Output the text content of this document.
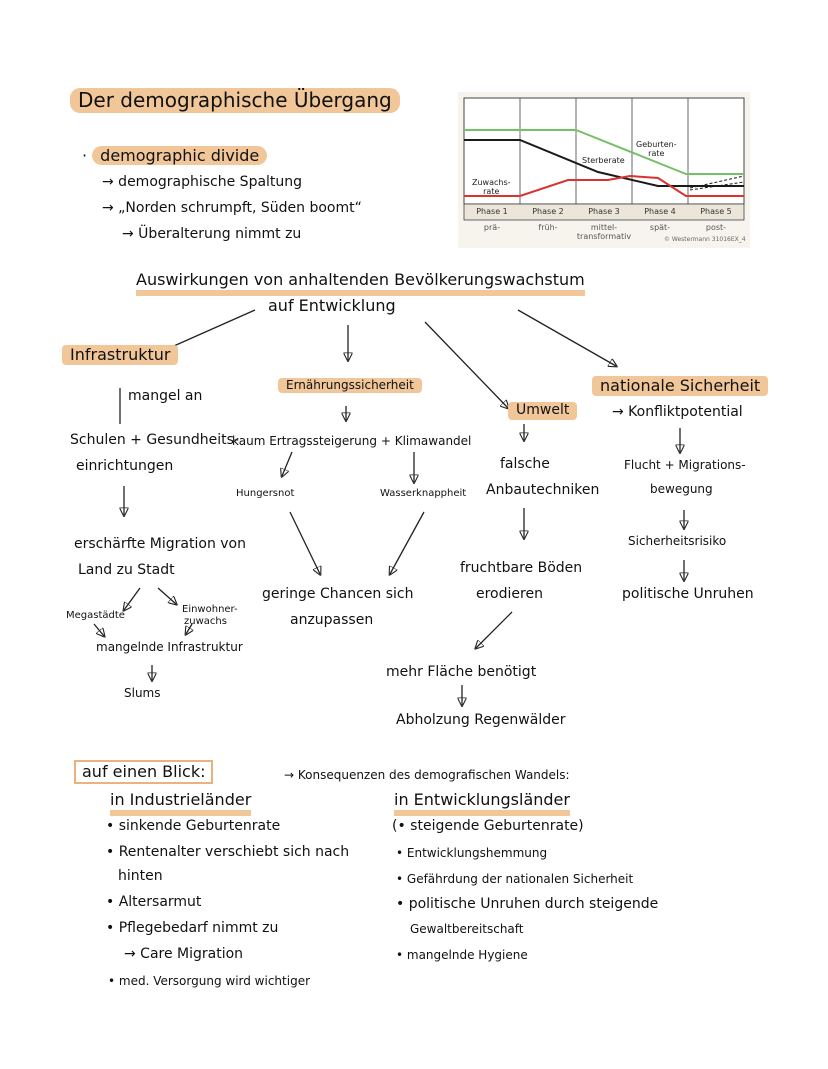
Der demographische Übergang
· demographic divide
→ demographische Spaltung
→ „Norden schrumpft, Süden boomt“
→ Überalterung nimmt zu
Geburten-
rate
Sterberate
Zuwachs-
rate
Phase 1	Phase 2	Phase 3	Phase 4	Phase 5
prä-	früh-	mittel-
transformativ
spät-	post-
© Westermann 31016EX_4
Auswirkungen von anhaltenden Bevölkerungswachstum
auf Entwicklung
Infrastruktur
mangel an
Schulen + Gesundheits-
einrichtungen
erschärfte Migration von
Land zu Stadt
Megastädte
Einwohner-
zuwachs
mangelnde Infrastruktur
Slums
Ernährungssicherheit
kaum Ertragssteigerung + Klimawandel
Hungersnot	Wasserknappheit
geringe Chancen sich
anzupassen
Umwelt
falsche
Anbautechniken
fruchtbare Böden
erodieren
mehr Fläche benötigt
Abholzung Regenwälder
nationale Sicherheit
→ Konfliktpotential
Flucht + Migrations-
bewegung
Sicherheitsrisiko
politische Unruhen
auf einen Blick:	→ Konsequenzen des demografischen Wandels:
in Industrieländer
• sinkende Geburtenrate
• Rentenalter verschiebt sich nach
hinten
• Altersarmut
• Pflegebedarf nimmt zu
→ Care Migration
• med. Versorgung wird wichtiger
in Entwicklungsländer
(• steigende Geburtenrate)
• Entwicklungshemmung
• Gefährdung der nationalen Sicherheit
• politische Unruhen durch steigende
Gewaltbereitschaft
• mangelnde Hygiene
